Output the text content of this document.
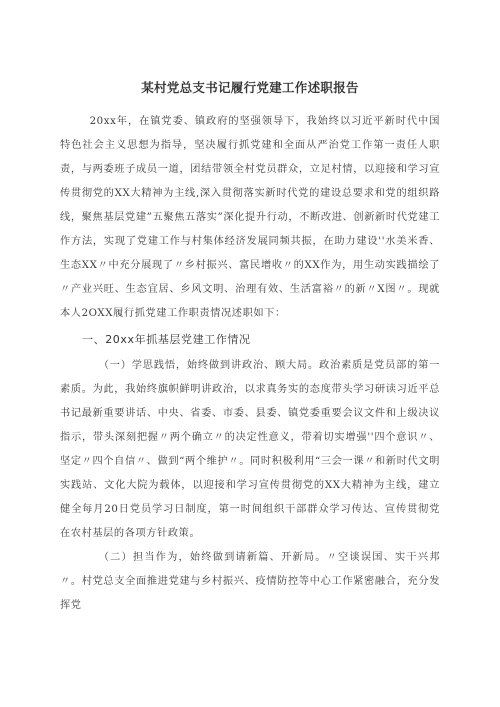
某村党总支书记履行党建工作述职报告

20xx年，在镇党委、镇政府的坚强领导下，我始终以习近平新时代中国特色社会主义思想为指导，坚决履行抓党建和全面从严治党工作第一责任人职责，与两委班子成员一道，团结带领全村党员群众，立足村情，以迎接和学习宣传贯彻党的XX大精神为主线,深入贯彻落实新时代党的建设总要求和党的组织路线，聚焦基层党建”五聚焦五落实”深化提升行动，不断改进、创新新时代党建工作方法，实现了党建工作与村集体经济发展同频共振，在助力建设''水美米香、生态XX〃中充分展现了〃乡村振兴、富民增收〃的XX作为，用生动实践描绘了〃产业兴旺、生态宜居、乡风文明、治理有效、生活富裕〃的新〃X图〃。现就本人2OXX履行抓党建工作职责情况述职如下：

一、20xx年抓基层党建工作情况

（一）学思践悟，始终做到讲政治、顾大局。政治素质是党员部的第一素质。为此，我始终旗帜鲜明讲政治，以求真务实的态度带头学习研读习近平总书记最新重要讲话、中央、省委、市委、县委、镇党委重要会议文件和上级决议指示，带头深刻把握〃两个确立〃的决定性意义，带着切实增强''四个意识〃、坚定〃四个自信〃、做到“两个维护〃。同时积极利用“三会一课〃和新时代文明实践站、文化大院为载体，以迎接和学习宣传贯彻党的XX大精神为主线，建立健全每月20日党员学习日制度，第一时间组织干部群众学习传达、宣传贯彻党在农村基层的各项方针政策。

（二）担当作为，始终做到请新篇、开新局。〃空谈误国、实干兴邦〃。村党总支全面推进党建与乡村振兴、疫情防控等中心工作紧密融合，充分发挥党
